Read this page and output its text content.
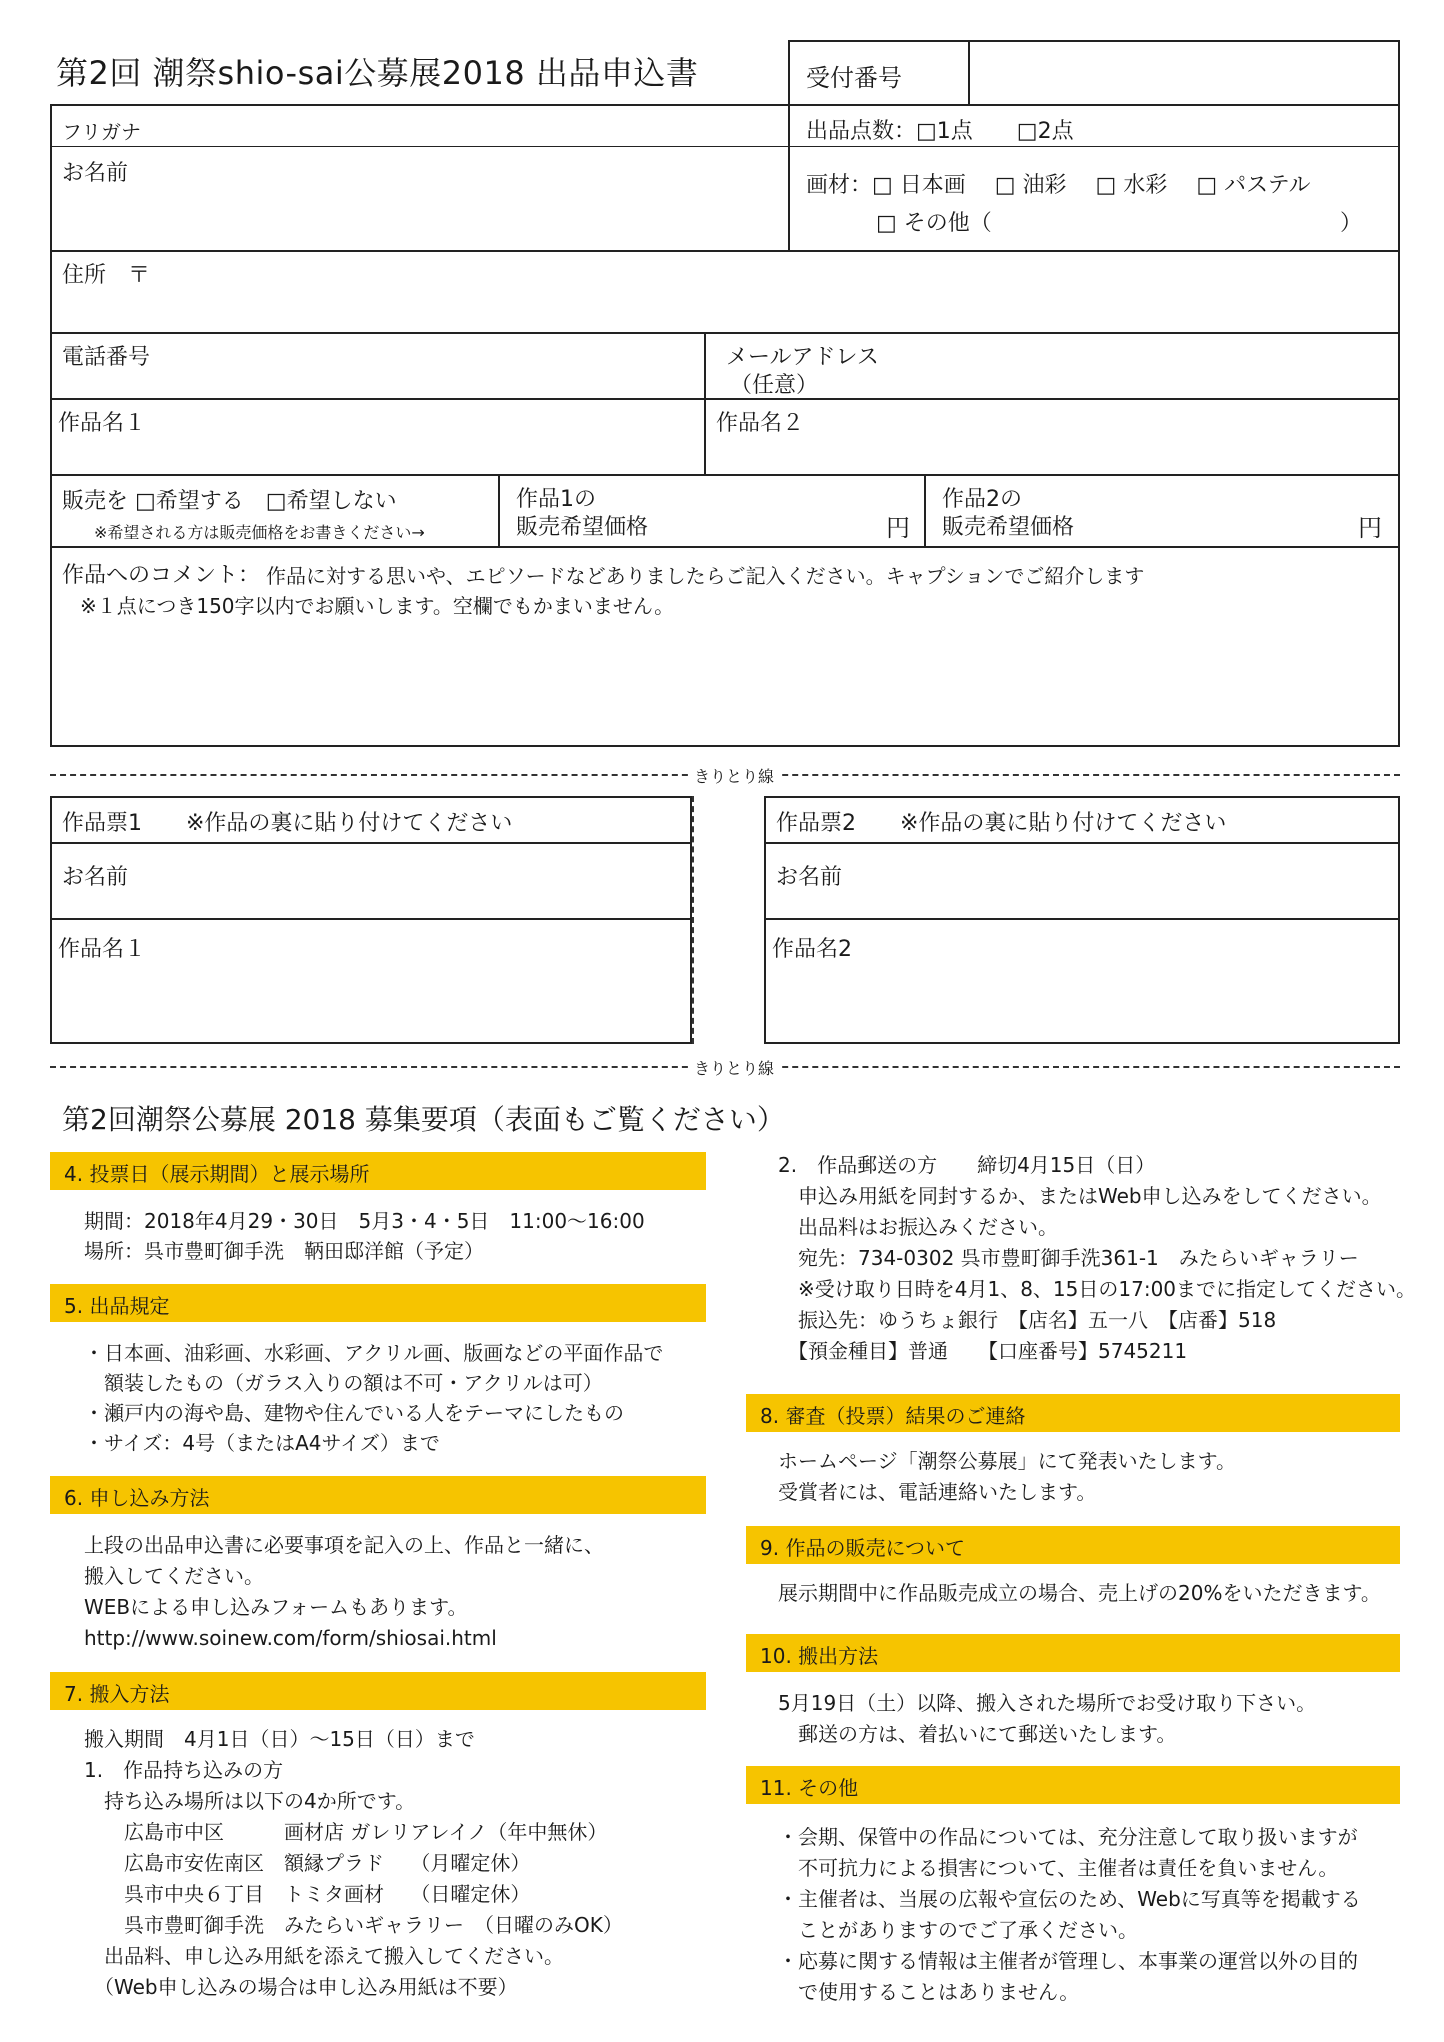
第2回 潮祭shio-sai公募展2018 出品申込書	受付番号
フリガナ
お名前
出品点数：□1点　　□2点
画材：□ 日本画　 □ 油彩　 □ 水彩　 □ パステル
□ その他（	）
住所　〒
電話番号	メールアドレス
（任意）
作品名１	作品名２
販売を □希望する　□希望しない
※希望される方は販売価格をお書きください→
作品1の
販売希望価格	円
作品2の
販売希望価格	円
作品へのコメント： 作品に対する思いや、エピソードなどありましたらご記入ください。キャプションでご紹介します
※１点につき150字以内でお願いします。空欄でもかまいません。
きりとり線
作品票1　　※作品の裏に貼り付けてください
お名前
作品名１
作品票2　　※作品の裏に貼り付けてください
お名前
作品名2
きりとり線
第2回潮祭公募展 2018 募集要項（表面もご覧ください）
4. 投票日（展示期間）と展示場所
期間：2018年4月29・30日　5月3・4・5日　11:00〜16:00
場所：呉市豊町御手洗　鞆田邸洋館（予定）
5. 出品規定
・日本画、油彩画、水彩画、アクリル画、版画などの平面作品で
　額装したもの（ガラス入りの額は不可・アクリルは可）
・瀬戸内の海や島、建物や住んでいる人をテーマにしたもの
・サイズ：4号（またはA4サイズ）まで
6. 申し込み方法
上段の出品申込書に必要事項を記入の上、作品と一緒に、
搬入してください。
WEBによる申し込みフォームもあります。
http://www.soinew.com/form/shiosai.html
7. 搬入方法
搬入期間　4月1日（日）〜15日（日）まで
1.　作品持ち込みの方
　持ち込み場所は以下の4か所です。
　　広島市中区　　　画材店 ガレリアレイノ（年中無休）
　　広島市安佐南区　額縁プラド　 （月曜定休）
　　呉市中央６丁目　トミタ画材　 （日曜定休）
　　呉市豊町御手洗　みたらいギャラリー　（日曜のみOK）
　出品料、申し込み用紙を添えて搬入してください。
　（Web申し込みの場合は申し込み用紙は不要）
2.　作品郵送の方　　締切4月15日（日）
　申込み用紙を同封するか、またはWeb申し込みをしてください。
　出品料はお振込みください。
　宛先：734-0302 呉市豊町御手洗361-1　みたらいギャラリー
　※受け取り日時を4月1、8、15日の17:00までに指定してください。
　振込先：ゆうちょ銀行　【店名】五一八　【店番】518
　【預金種目】普通　　【口座番号】5745211
8. 審査（投票）結果のご連絡
ホームページ「潮祭公募展」にて発表いたします。
受賞者には、電話連絡いたします。
9. 作品の販売について
展示期間中に作品販売成立の場合、売上げの20%をいただきます。
10. 搬出方法
5月19日（土）以降、搬入された場所でお受け取り下さい。
　郵送の方は、着払いにて郵送いたします。
11. その他
・会期、保管中の作品については、充分注意して取り扱いますが
　不可抗力による損害について、主催者は責任を負いません。
・主催者は、当展の広報や宣伝のため、Webに写真等を掲載する
　ことがありますのでご了承ください。
・応募に関する情報は主催者が管理し、本事業の運営以外の目的
　で使用することはありません。
